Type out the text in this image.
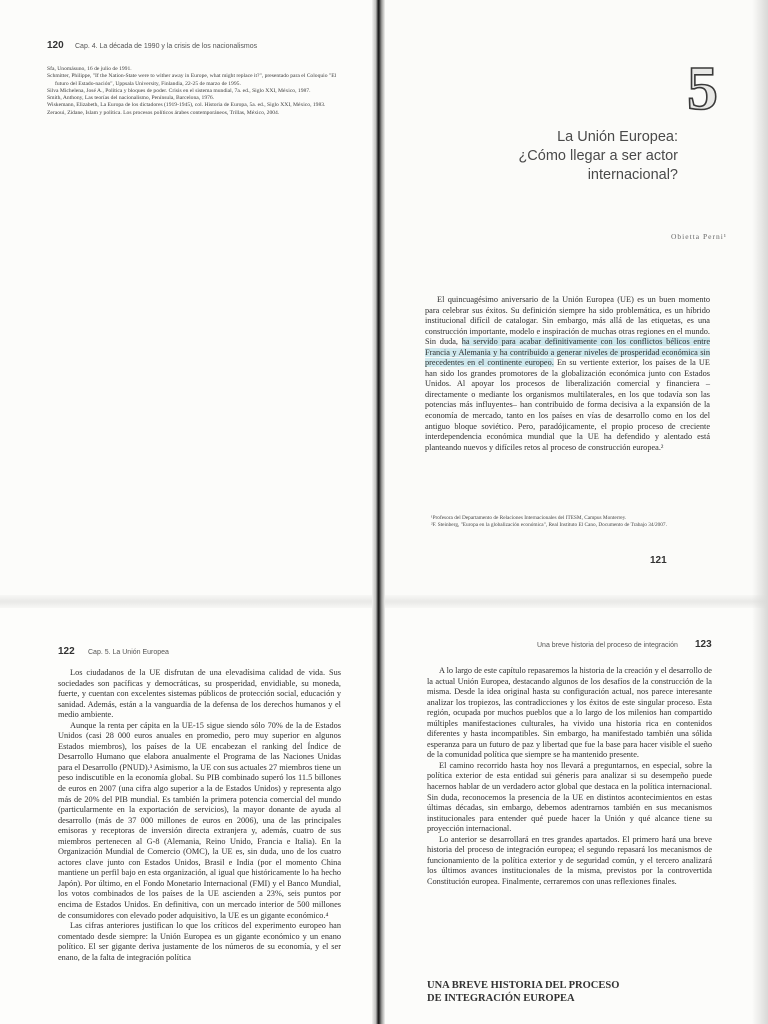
120 Cap. 4. La década de 1990 y la crisis de los nacionalismos
Sfa, Unomásuno, 16 de julio de 1991.
Schmitter, Philippe, "If the Nation-State were to wither away in Europe, what might replace it?", presentado para el Coloquio "El futuro del Estado-nación", Uppsala University, Finlandia, 22-25 de marzo de 1995.
Silva Michelena, José A., Política y bloques de poder. Crisis en el sistema mundial, 7a. ed., Siglo XXI, México, 1987.
Smith, Anthony, Las teorías del nacionalismo, Península, Barcelona, 1976.
Wiskemann, Elizabeth, La Europa de los dictadores (1919-1945), col. Historia de Europa, 5a. ed., Siglo XXI, México, 1983.
Zeraoui, Zidane, Islam y política. Los procesos políticos árabes contemporáneos, Trillas, México, 2004.	5
La Unión Europea:
¿Cómo llegar a ser actor
internacional?
Obietta Perni¹

El quincuagésimo aniversario de la Unión Europea (UE) es un buen momento para celebrar sus éxitos. Su definición siempre ha sido problemática, es un híbrido institucional difícil de catalogar. Sin embargo, más allá de las etiquetas, es una construcción importante, modelo e inspiración de muchas otras regiones en el mundo. Sin duda, ha servido para acabar definitivamente con los conflictos bélicos entre Francia y Alemania y ha contribuido a generar niveles de prosperidad económica sin precedentes en el continente europeo. En su vertiente exterior, los países de la UE han sido los grandes promotores de la globalización económica junto con Estados Unidos. Al apoyar los procesos de liberalización comercial y financiera –directamente o mediante los organismos multilaterales, en los que todavía son las potencias más influyentes– han contribuido de forma decisiva a la expansión de la economía de mercado, tanto en los países en vías de desarrollo como en los del antiguo bloque soviético. Pero, paradójicamente, el propio proceso de creciente interdependencia económica mundial que la UE ha defendido y alentado está planteando nuevos y difíciles retos al proceso de construcción europea.²

¹Profesora del Departamento de Relaciones Internacionales del ITESM, Campus Monterrey.
²F. Steinberg, "Europa en la globalización económica", Real Instituto El Cano, Documento de Trabajo 34/2007.
121
122 Cap. 5. La Unión Europea

Los ciudadanos de la UE disfrutan de una elevadísima calidad de vida. Sus sociedades son pacíficas y democráticas, su prosperidad, envidiable, su moneda, fuerte, y cuentan con excelentes sistemas públicos de protección social, educación y sanidad. Además, están a la vanguardia de la defensa de los derechos humanos y el medio ambiente.

Aunque la renta per cápita en la UE-15 sigue siendo sólo 70% de la de Estados Unidos (casi 28 000 euros anuales en promedio, pero muy superior en algunos Estados miembros), los países de la UE encabezan el ranking del Índice de Desarrollo Humano que elabora anualmente el Programa de las Naciones Unidas para el Desarrollo (PNUD).³ Asimismo, la UE con sus actuales 27 miembros tiene un peso indiscutible en la economía global. Su PIB combinado superó los 11.5 billones de euros en 2007 (una cifra algo superior a la de Estados Unidos) y representa algo más de 20% del PIB mundial. Es también la primera potencia comercial del mundo (particularmente en la exportación de servicios), la mayor donante de ayuda al desarrollo (más de 37 000 millones de euros en 2006), una de las principales emisoras y receptoras de inversión directa extranjera y, además, cuatro de sus miembros pertenecen al G-8 (Alemania, Reino Unido, Francia e Italia). En la Organización Mundial de Comercio (OMC), la UE es, sin duda, uno de los cuatro actores clave junto con Estados Unidos, Brasil e India (por el momento China mantiene un perfil bajo en esta organización, al igual que históricamente lo ha hecho Japón). Por último, en el Fondo Monetario Internacional (FMI) y el Banco Mundial, los votos combinados de los países de la UE ascienden a 23%, seis puntos por encima de Estados Unidos. En definitiva, con un mercado interior de 500 millones de consumidores con elevado poder adquisitivo, la UE es un gigante económico.⁴

Las cifras anteriores justifican lo que los críticos del experimento europeo han comentado desde siempre: la Unión Europea es un gigante económico y un enano político. El ser gigante deriva justamente de los números de su economía, y el ser enano, de la falta de integración política

Una breve historia del proceso de integración 123

A lo largo de este capítulo repasaremos la historia de la creación y el desarrollo de la actual Unión Europea, destacando algunos de los desafíos de la construcción de la misma. Desde la idea original hasta su configuración actual, nos parece interesante analizar los tropiezos, las contradicciones y los éxitos de este singular proceso. Esta región, ocupada por muchos pueblos que a lo largo de los milenios han compartido múltiples manifestaciones culturales, ha vivido una historia rica en contenidos diferentes y hasta incompatibles. Sin embargo, ha manifestado también una sólida esperanza para un futuro de paz y libertad que fue la base para hacer visible el sueño de la comunidad política que siempre se ha mantenido presente.

El camino recorrido hasta hoy nos llevará a preguntarnos, en especial, sobre la política exterior de esta entidad sui géneris para analizar si su desempeño puede hacernos hablar de un verdadero actor global que destaca en la política internacional. Sin duda, reconocemos la presencia de la UE en distintos acontecimientos en estas últimas décadas, sin embargo, debemos adentrarnos también en sus mecanismos institucionales para entender qué puede hacer la Unión y qué alcance tiene su proyección internacional.

Lo anterior se desarrollará en tres grandes apartados. El primero hará una breve historia del proceso de integración europea; el segundo repasará los mecanismos de funcionamiento de la política exterior y de seguridad común, y el tercero analizará los últimos avances institucionales de la misma, previstos por la controvertida Constitución europea. Finalmente, cerraremos con unas reflexiones finales.

UNA BREVE HISTORIA DEL PROCESO DE INTEGRACIÓN EUROPEA
